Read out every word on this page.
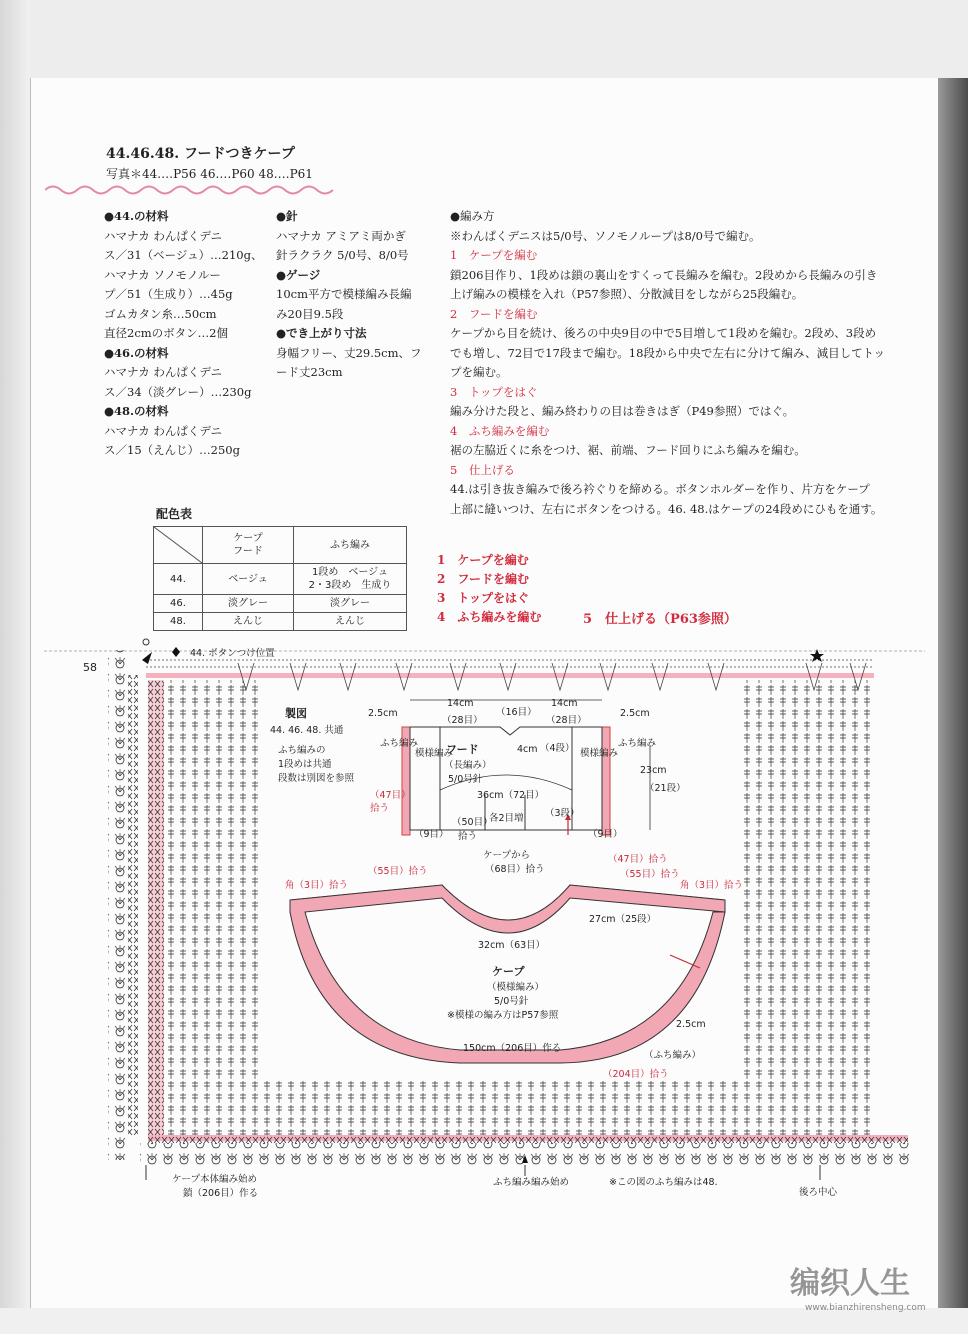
44.46.48. フードつきケープ
写真＊44.…P56 46.…P60 48.…P61
●44.の材料
ハマナカ わんぱくデニ
ス／31（ベージュ）…210g、
ハマナカ ソノモノルー
プ／51（生成り）…45g
ゴムカタン糸…50cm
直径2cmのボタン…2個
●46.の材料
ハマナカ わんぱくデニ
ス／34（淡グレー）…230g
●48.の材料
ハマナカ わんぱくデニ
ス／15（えんじ）…250g
●針
ハマナカ アミアミ両かぎ
針ラクラク 5/0号、8/0号
●ゲージ
10cm平方で模様編み長編
み20目9.5段
●でき上がり寸法
身幅フリー、丈29.5cm、フ
ード丈23cm
●編み方
※わんぱくデニスは5/0号、ソノモノループは8/0号で編む。
1　ケープを編む
鎖206目作り、1段めは鎖の裏山をすくって長編みを編む。2段めから長編みの引き
上げ編みの模様を入れ（P57参照）、分散減目をしながら25段編む。
2　フードを編む
ケープから目を続け、後ろの中央9目の中で5目増して1段めを編む。2段め、3段め
でも増し、72目で17段まで編む。18段から中央で左右に分けて編み、減目してトッ
プを編む。
3　トップをはぐ
編み分けた段と、編み終わりの目は巻きはぎ（P49参照）ではぐ。
4　ふち編みを編む
裾の左脇近くに糸をつけ、裾、前端、フード回りにふち編みを編む。
5　仕上げる
44.は引き抜き編みで後ろ衿ぐりを締める。ボタンホルダーを作り、片方をケープ
上部に縫いつけ、左右にボタンをつける。46. 48.はケープの24段めにひもを通す。
配色表
	ケープ
フード	ふち編み

44.	ベージュ	1段め　ベージュ
2・3段め　生成り
46.	淡グレー	淡グレー
48.	えんじ	えんじ
1　ケープを編む
2　フードを編む
3　トップをはぐ
4　ふち編みを編む	5　仕上げる（P63参照）
58
44. ボタンつけ位置
製図
44. 46. 48. 共通
ふち編みの
1段めは共通
段数は別図を参照
2.5cm	2.5cm
14cm
（28目）
（16目）
14cm
（28目）
フード
（長編み）
5/0号針
4cm （4段）
36cm（72目）
23cm
（21段）
ふち編み
模様編み	模様編み
ふち編み
（47目）
拾う
（9目）	（9目）
（50目）
拾う
各2目増 （3段）
（47目）拾う
ケープから
（68目）拾う
角（3目）拾う
（55目）拾う	（55目）拾う
角（3目）拾う
27cm（25段）
32cm（63目）
ケープ
（模様編み）
5/0号針
※模様の編み方はP57参照
2.5cm
150cm（206目）作る
（ふち編み）
（204目）拾う
ケープ本体編み始め
鎖（206目）作る
ふち編み編み始め	※この図のふち編みは48.
後ろ中心
编织人生
www.bianzhirensheng.com
